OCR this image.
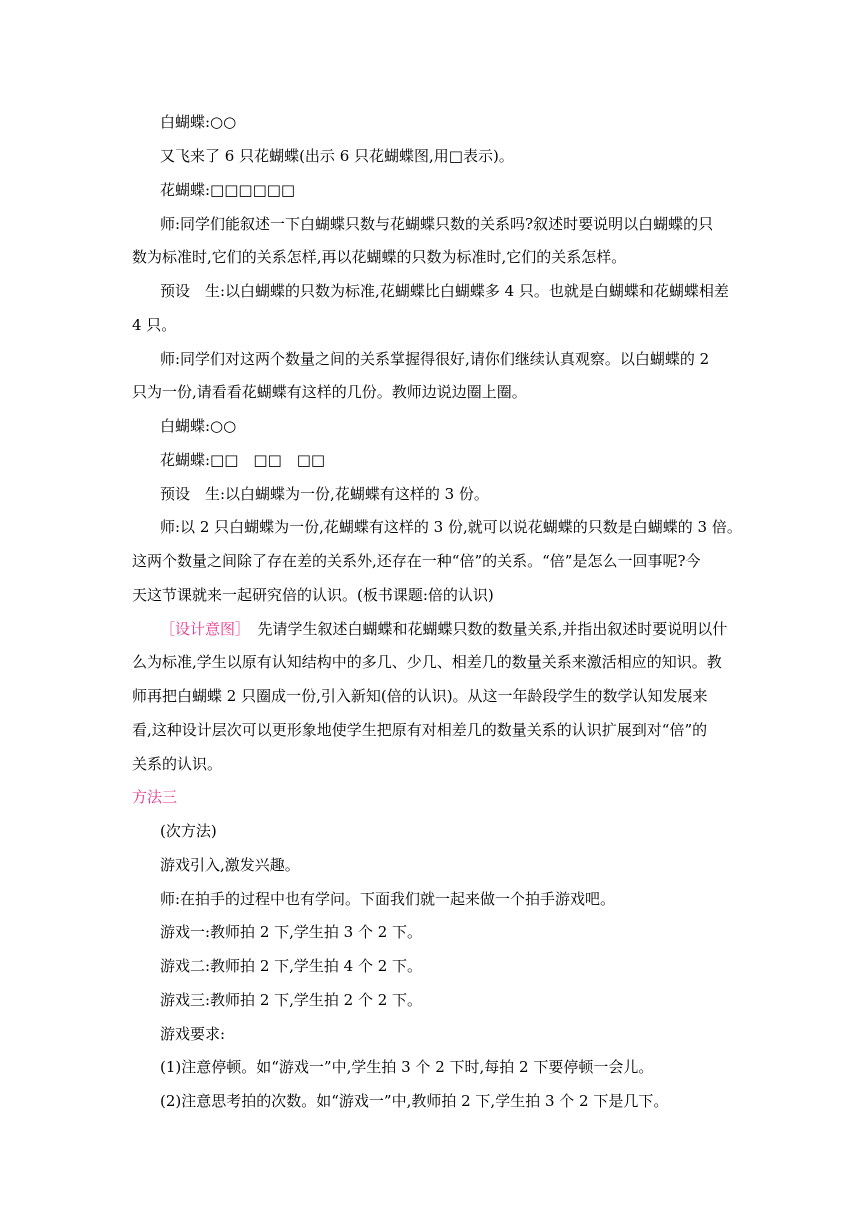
白蝴蝶:○○
又飞来了 6 只花蝴蝶(出示 6 只花蝴蝶图,用□表示)。
花蝴蝶:□□□□□□
师:同学们能叙述一下白蝴蝶只数与花蝴蝶只数的关系吗?叙述时要说明以白蝴蝶的只
数为标准时,它们的关系怎样,再以花蝴蝶的只数为标准时,它们的关系怎样。
预设　生:以白蝴蝶的只数为标准,花蝴蝶比白蝴蝶多 4 只。也就是白蝴蝶和花蝴蝶相差
4 只。
师:同学们对这两个数量之间的关系掌握得很好,请你们继续认真观察。以白蝴蝶的 2
只为一份,请看看花蝴蝶有这样的几份。教师边说边圈上圈。
白蝴蝶:○○
花蝴蝶:□□　□□　□□
预设　生:以白蝴蝶为一份,花蝴蝶有这样的 3 份。
师:以 2 只白蝴蝶为一份,花蝴蝶有这样的 3 份,就可以说花蝴蝶的只数是白蝴蝶的 3 倍。
这两个数量之间除了存在差的关系外,还存在一种“倍”的关系。“倍”是怎么一回事呢?今
天这节课就来一起研究倍的认识。(板书课题:倍的认识)
［设计意图］　 先请学生叙述白蝴蝶和花蝴蝶只数的数量关系,并指出叙述时要说明以什
么为标准,学生以原有认知结构中的多几、少几、相差几的数量关系来激活相应的知识。教
师再把白蝴蝶 2 只圈成一份,引入新知(倍的认识)。从这一年龄段学生的数学认知发展来
看,这种设计层次可以更形象地使学生把原有对相差几的数量关系的认识扩展到对“倍”的
关系的认识。
方法三
(次方法)
游戏引入,激发兴趣。
师:在拍手的过程中也有学问。下面我们就一起来做一个拍手游戏吧。
游戏一:教师拍 2 下,学生拍 3 个 2 下。
游戏二:教师拍 2 下,学生拍 4 个 2 下。
游戏三:教师拍 2 下,学生拍 2 个 2 下。
游戏要求:
(1)注意停顿。如“游戏一”中,学生拍 3 个 2 下时,每拍 2 下要停顿一会儿。
(2)注意思考拍的次数。如“游戏一”中,教师拍 2 下,学生拍 3 个 2 下是几下。
